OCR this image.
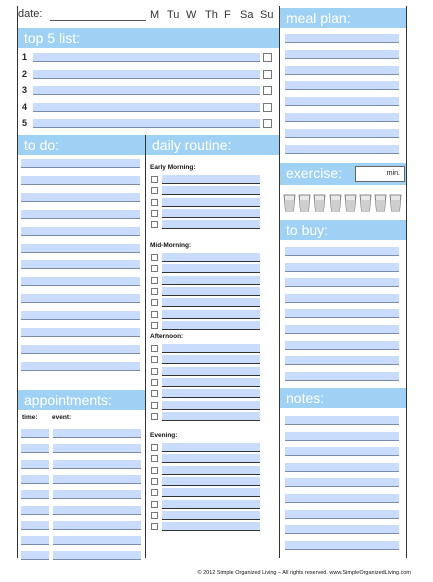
date:	M Tu W Th F Sa Su
top 5 list:
1
2
3
4
5
to do:	daily routine:
Early Morning:
Mid-Morning:
Afternoon:
Evening:
appointments:
time: event:
meal plan:
exercise:	min.
to buy:
notes:
© 2012 Simple Organized Living – All rights reserved. www.SimpleOrganizedLiving.com
